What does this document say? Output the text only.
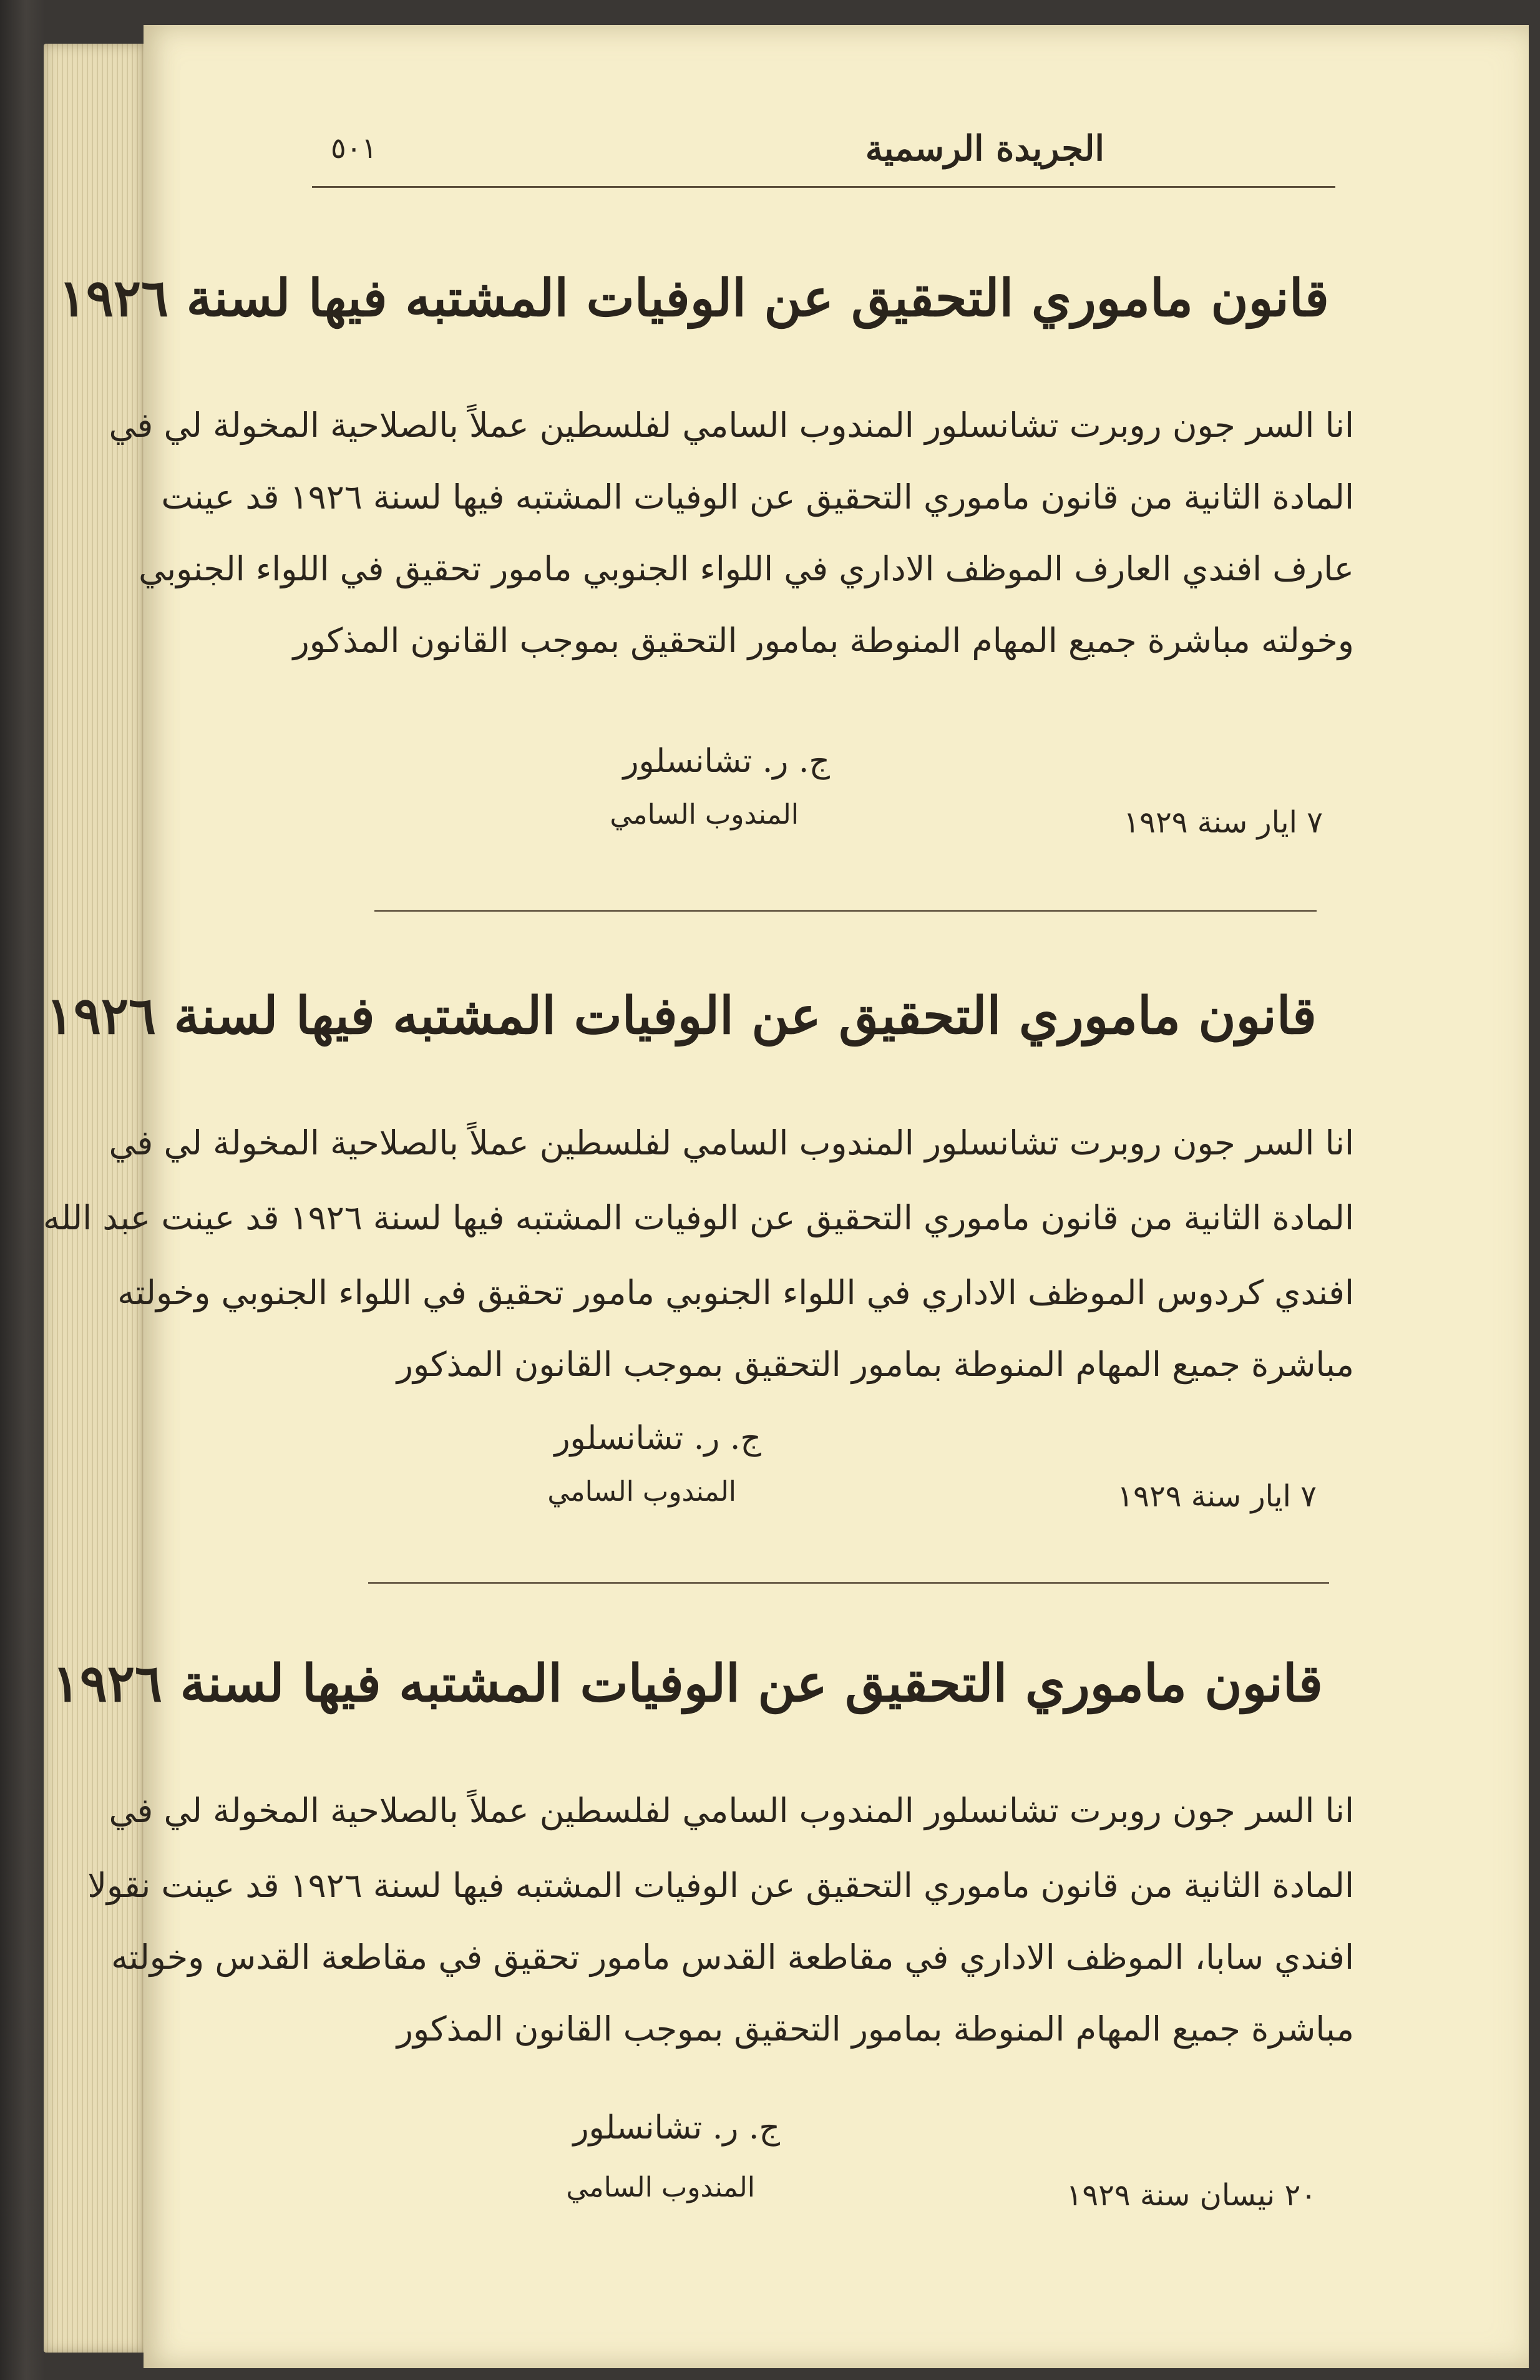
٥٠١	الجريدة الرسمية
قانون ماموري التحقيق عن الوفيات المشتبه فيها لسنة ١٩٢٦
انا السر جون روبرت تشانسلور المندوب السامي لفلسطين عملاً بالصلاحية المخولة لي في
المادة الثانية من قانون ماموري التحقيق عن الوفيات المشتبه فيها لسنة ١٩٢٦ قد عينت
عارف افندي العارف الموظف الاداري في اللواء الجنوبي مامور تحقيق في اللواء الجنوبي
وخولته مباشرة جميع المهام المنوطة بمامور التحقيق بموجب القانون المذكور
ج. ر. تشانسلور
المندوب السامي	٧ ايار سنة ١٩٢٩
قانون ماموري التحقيق عن الوفيات المشتبه فيها لسنة ١٩٢٦
انا السر جون روبرت تشانسلور المندوب السامي لفلسطين عملاً بالصلاحية المخولة لي في
المادة الثانية من قانون ماموري التحقيق عن الوفيات المشتبه فيها لسنة ١٩٢٦ قد عينت عبد الله
افندي كردوس الموظف الاداري في اللواء الجنوبي مامور تحقيق في اللواء الجنوبي وخولته
مباشرة جميع المهام المنوطة بمامور التحقيق بموجب القانون المذكور
ج. ر. تشانسلور
المندوب السامي	٧ ايار سنة ١٩٢٩
قانون ماموري التحقيق عن الوفيات المشتبه فيها لسنة ١٩٢٦
انا السر جون روبرت تشانسلور المندوب السامي لفلسطين عملاً بالصلاحية المخولة لي في
المادة الثانية من قانون ماموري التحقيق عن الوفيات المشتبه فيها لسنة ١٩٢٦ قد عينت نقولا
افندي سابا، الموظف الاداري في مقاطعة القدس مامور تحقيق في مقاطعة القدس وخولته
مباشرة جميع المهام المنوطة بمامور التحقيق بموجب القانون المذكور
ج. ر. تشانسلور
المندوب السامي	٢٠ نيسان سنة ١٩٢٩
